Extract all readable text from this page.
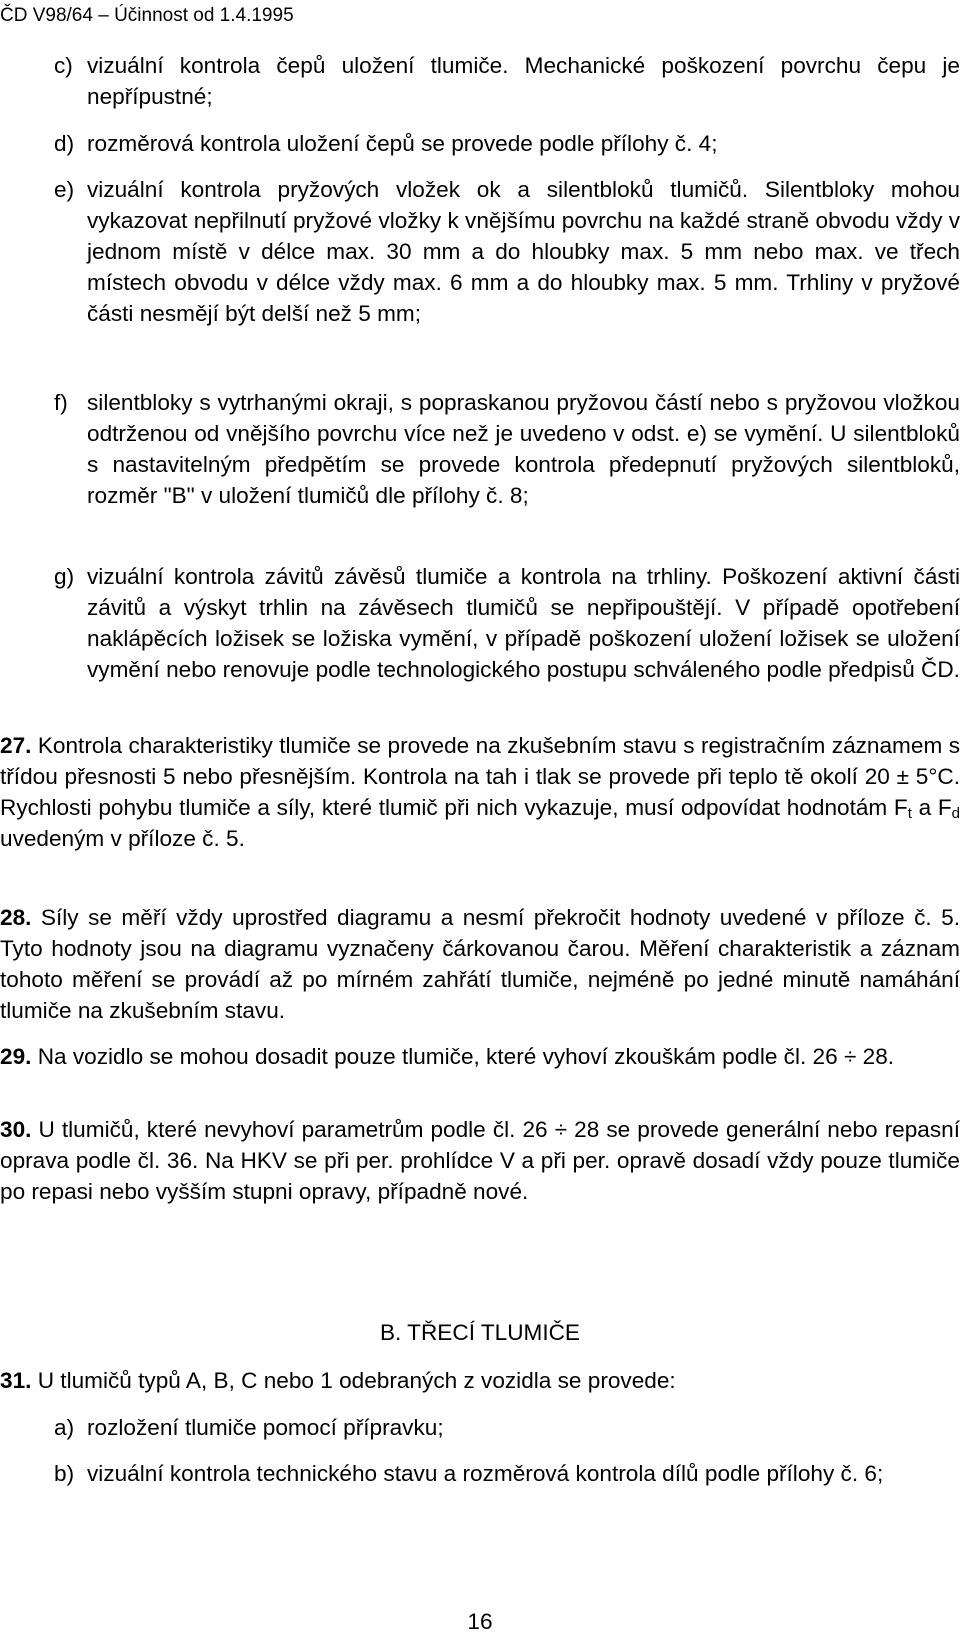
ČD V98/64 – Účinnost od 1.4.1995
c) vizuální kontrola čepů uložení tlumiče. Mechanické poškození povrchu čepu je nepřípustné;
d) rozměrová kontrola uložení čepů se provede podle přílohy č. 4;
e) vizuální kontrola pryžových vložek ok a silentbloků tlumičů. Silentbloky mohou vykazovat nepřilnutí pryžové vložky k vnějšímu povrchu na každé straně obvodu vždy v jednom místě v délce max. 30 mm a do hloubky max. 5 mm nebo max. ve třech místech obvodu v délce vždy max. 6 mm a do hloubky max. 5 mm. Trhliny v pryžové části nesmějí být delší než 5 mm;
f) silentbloky s vytrhanými okraji, s popraskanou pryžovou částí nebo s pryžovou vložkou odtrženou od vnějšího povrchu více než je uvedeno v odst. e) se vymění. U silentbloků s nastavitelným předpětím se provede kontrola předepnutí pryžových silentbloků, rozměr "B" v uložení tlumičů dle přílohy č. 8;
g) vizuální kontrola závitů závěsů tlumiče a kontrola na trhliny. Poškození aktivní části závitů a výskyt trhlin na závěsech tlumičů se nepřipouštějí. V případě opotřebení naklápěcích ložisek se ložiska vymění, v případě poškození uložení ložisek se uložení vymění nebo renovuje podle technologického postupu schváleného podle předpisů ČD.
27. Kontrola charakteristiky tlumiče se provede na zkušebním stavu s registračním záznamem s třídou přesnosti 5 nebo přesnějším. Kontrola na tah i tlak se provede při teplo tě okolí 20 ± 5°C. Rychlosti pohybu tlumiče a síly, které tlumič při nich vykazuje, musí odpovídat hodnotám $F_t$ a $F_d$ uvedeným v příloze č. 5.
28. Síly se měří vždy uprostřed diagramu a nesmí překročit hodnoty uvedené v příloze č. 5. Tyto hodnoty jsou na diagramu vyznačeny čárkovanou čarou. Měření charakteristik a záznam tohoto měření se provádí až po mírném zahřátí tlumiče, nejméně po jedné minutě namáhání tlumiče na zkušebním stavu.
29. Na vozidlo se mohou dosadit pouze tlumiče, které vyhoví zkouškám podle čl. 26 ÷ 28.
30. U tlumičů, které nevyhoví parametrům podle čl. 26 ÷ 28 se provede generální nebo repasní oprava podle čl. 36. Na HKV se při per. prohlídce V a při per. opravě dosadí vždy pouze tlumiče po repasi nebo vyšším stupni opravy, případně nové.
B. TŘECÍ TLUMIČE
31. U tlumičů typů A, B, C nebo 1 odebraných z vozidla se provede:
a) rozložení tlumiče pomocí přípravku;
b) vizuální kontrola technického stavu a rozměrová kontrola dílů podle přílohy č. 6;
16
